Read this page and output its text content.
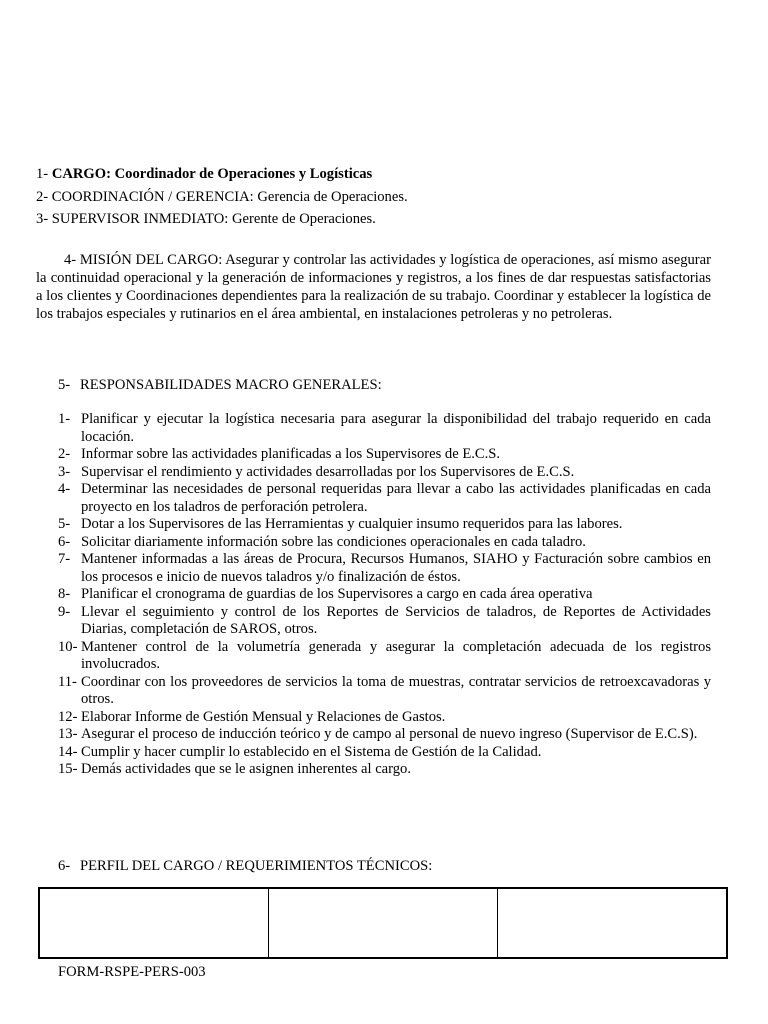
1- CARGO: Coordinador de Operaciones y Logísticas
2- COORDINACIÓN / GERENCIA: Gerencia de Operaciones.
3- SUPERVISOR INMEDIATO: Gerente de Operaciones.
4- MISIÓN DEL CARGO: Asegurar y controlar las actividades y logística de operaciones, así mismo asegurar la continuidad operacional y la generación de informaciones y registros, a los fines de dar respuestas satisfactorias a los clientes y Coordinaciones dependientes para la realización de su trabajo. Coordinar y establecer la logística de los trabajos especiales y rutinarios en el área ambiental, en instalaciones petroleras y no petroleras.
5- RESPONSABILIDADES MACRO GENERALES:
1- Planificar y ejecutar la logística necesaria para asegurar la disponibilidad del trabajo requerido en cada locación.
2- Informar sobre las actividades planificadas a los Supervisores de E.C.S.
3- Supervisar el rendimiento y actividades desarrolladas por los Supervisores de E.C.S.
4- Determinar las necesidades de personal requeridas para llevar a cabo las actividades planificadas en cada proyecto en los taladros de perforación petrolera.
5- Dotar a los Supervisores de las Herramientas y cualquier insumo requeridos para las labores.
6- Solicitar diariamente información sobre las condiciones operacionales en cada taladro.
7- Mantener informadas a las áreas de Procura, Recursos Humanos, SIAHO y Facturación sobre cambios en los procesos e inicio de nuevos taladros y/o finalización de éstos.
8- Planificar el cronograma de guardias de los Supervisores a cargo en cada área operativa
9- Llevar el seguimiento y control de los Reportes de Servicios de taladros, de Reportes de Actividades Diarias, completación de SAROS, otros.
10- Mantener control de la volumetría generada y asegurar la completación adecuada de los registros involucrados.
11- Coordinar con los proveedores de servicios la toma de muestras, contratar servicios de retroexcavadoras y otros.
12- Elaborar Informe de Gestión Mensual y Relaciones de Gastos.
13- Asegurar el proceso de inducción teórico y de campo al personal de nuevo ingreso (Supervisor de E.C.S).
14- Cumplir y hacer cumplir lo establecido en el Sistema de Gestión de la Calidad.
15- Demás actividades que se le asignen inherentes al cargo.
6- PERFIL DEL CARGO / REQUERIMIENTOS TÉCNICOS:
FORM-RSPE-PERS-003
